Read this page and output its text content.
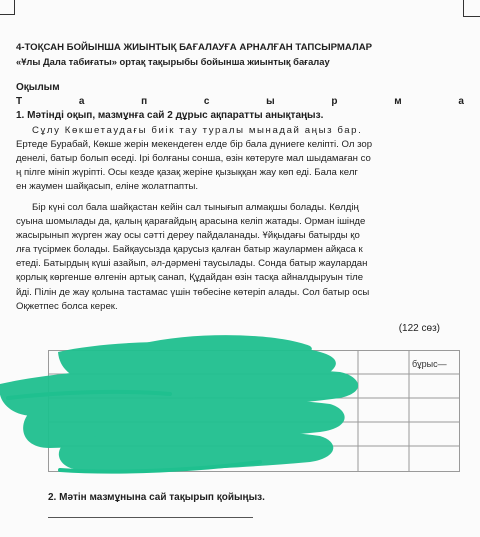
4-ТОҚСАН БОЙЫНША ЖИЫНТЫҚ БАҒАЛАУҒА АРНАЛҒАН ТАПСЫРМАЛАР
«Ұлы Дала табиғаты» ортақ тақырыбы бойынша жиынтық бағалау
Оқылым
Т	а	п	с	ы	р	м	а
1. Мәтінді оқып, мазмұнға сай 2 дұрыс ақпаратты анықтаңыз.
Сұлу Көкшетаудағы биік тау туралы мынадай аңыз бар.
Ертеде Бурабай, Көкше жерін мекендеген елде бір бала дүниеге келіпті. Ол зор
денелі, батыр болып өседі. Ірі болғаны сонша, өзін көтеруге мал шыдамаған со
ң пілге мініп жүріпті. Осы кезде қазақ жеріне қызыққан жау көп еді. Бала келг
ен жаумен шайқасып, еліне жолатпапты.
Бір күні сол бала шайқастан кейін сал тынығып алмақшы болады. Көлдің
суына шомылады да, қалың қарағайдың арасына келіп жатады. Орман ішінде
жасырынып жүрген жау осы сәтті дереу пайдаланады. Ұйқыдағы батырды қо
лға түсірмек болады. Байқаусызда қарусыз қалған батыр жаулармен айқаса к
етеді. Батырдың күші азайып, әл-дәрмені таусылады. Сонда батыр жаулардан
қорлық көргенше өлгенін артық санап, Құдайдан өзін тасқа айналдыруын тіле
йді. Пілін де жау қолына тастамас үшін төбесіне көтеріп алады. Сол батыр осы
Оқжетпес болса керек.
(122 сөз)
бұрыс—
2. Мәтін мазмұнына сай тақырып қойыңыз.
